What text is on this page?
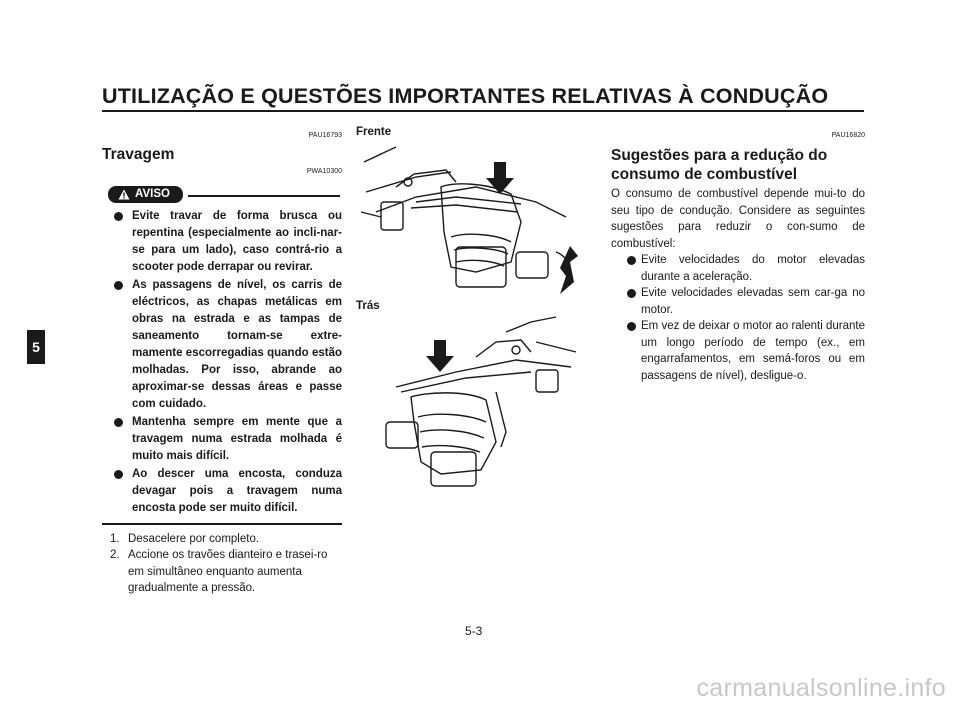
UTILIZAÇÃO E QUESTÕES IMPORTANTES RELATIVAS À CONDUÇÃO
5
PAU16793
Travagem
PWA10300
AVISO
Evite travar de forma brusca ou repentina (especialmente ao incli-nar-se para um lado), caso contrá-rio a scooter pode derrapar ou revirar.
As passagens de nível, os carris de eléctricos, as chapas metálicas em obras na estrada e as tampas de saneamento tornam-se extre-mamente escorregadias quando estão molhadas. Por isso, abrande ao aproximar-se dessas áreas e passe com cuidado.
Mantenha sempre em mente que a travagem numa estrada molhada é muito mais difícil.
Ao descer uma encosta, conduza devagar pois a travagem numa encosta pode ser muito difícil.
1. Desacelere por completo.
2. Accione os travões dianteiro e trasei-ro em simultâneo enquanto aumenta gradualmente a pressão.
Frente
Trás
PAU16820
Sugestões para a redução do consumo de combustível
O consumo de combustível depende mui-to do seu tipo de condução. Considere as seguintes sugestões para reduzir o con-sumo de combustível:
Evite velocidades do motor elevadas durante a aceleração.
Evite velocidades elevadas sem car-ga no motor.
Em vez de deixar o motor ao ralenti durante um longo período de tempo (ex., em engarrafamentos, em semá-foros ou em passagens de nível), desligue-o.
5-3
carmanualsonline.info
